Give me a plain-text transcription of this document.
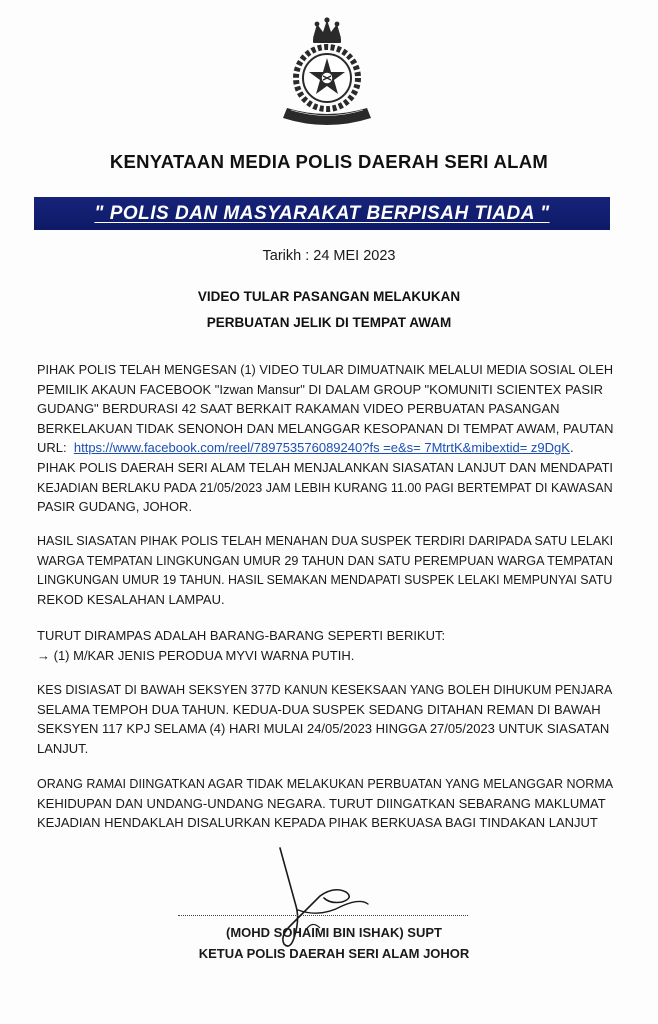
KENYATAAN MEDIA POLIS DAERAH SERI ALAM
" POLIS DAN MASYARAKAT BERPISAH TIADA "
Tarikh : 24 MEI 2023
VIDEO TULAR PASANGAN MELAKUKAN
PERBUATAN JELIK DI TEMPAT AWAM
PIHAK POLIS TELAH MENGESAN (1) VIDEO TULAR DIMUATNAIK MELALUI MEDIA SOSIAL OLEH
PEMILIK AKAUN FACEBOOK "Izwan Mansur" DI DALAM GROUP "KOMUNITI SCIENTEX PASIR
GUDANG" BERDURASI 42 SAAT BERKAIT RAKAMAN VIDEO PERBUATAN PASANGAN
BERKELAKUAN TIDAK SENONOH DAN MELANGGAR KESOPANAN DI TEMPAT AWAM, PAUTAN
URL: https://www.facebook.com/reel/789753576089240?fs =e&s= 7MtrtK&mibextid= z9DgK.
PIHAK POLIS DAERAH SERI ALAM TELAH MENJALANKAN SIASATAN LANJUT DAN MENDAPATI
KEJADIAN BERLAKU PADA 21/05/2023 JAM LEBIH KURANG 11.00 PAGI BERTEMPAT DI KAWASAN
PASIR GUDANG, JOHOR.
HASIL SIASATAN PIHAK POLIS TELAH MENAHAN DUA SUSPEK TERDIRI DARIPADA SATU LELAKI
WARGA TEMPATAN LINGKUNGAN UMUR 29 TAHUN DAN SATU PEREMPUAN WARGA TEMPATAN
LINGKUNGAN UMUR 19 TAHUN. HASIL SEMAKAN MENDAPATI SUSPEK LELAKI MEMPUNYAI SATU
REKOD KESALAHAN LAMPAU.
TURUT DIRAMPAS ADALAH BARANG-BARANG SEPERTI BERIKUT:
→ (1) M/KAR JENIS PERODUA MYVI WARNA PUTIH.
KES DISIASAT DI BAWAH SEKSYEN 377D KANUN KESEKSAAN YANG BOLEH DIHUKUM PENJARA
SELAMA TEMPOH DUA TAHUN. KEDUA-DUA SUSPEK SEDANG DITAHAN REMAN DI BAWAH
SEKSYEN 117 KPJ SELAMA (4) HARI MULAI 24/05/2023 HINGGA 27/05/2023 UNTUK SIASATAN
LANJUT.
ORANG RAMAI DIINGATKAN AGAR TIDAK MELAKUKAN PERBUATAN YANG MELANGGAR NORMA
KEHIDUPAN DAN UNDANG-UNDANG NEGARA. TURUT DIINGATKAN SEBARANG MAKLUMAT
KEJADIAN HENDAKLAH DISALURKAN KEPADA PIHAK BERKUASA BAGI TINDAKAN LANJUT
(MOHD SOHAIMI BIN ISHAK) SUPT
KETUA POLIS DAERAH SERI ALAM JOHOR
